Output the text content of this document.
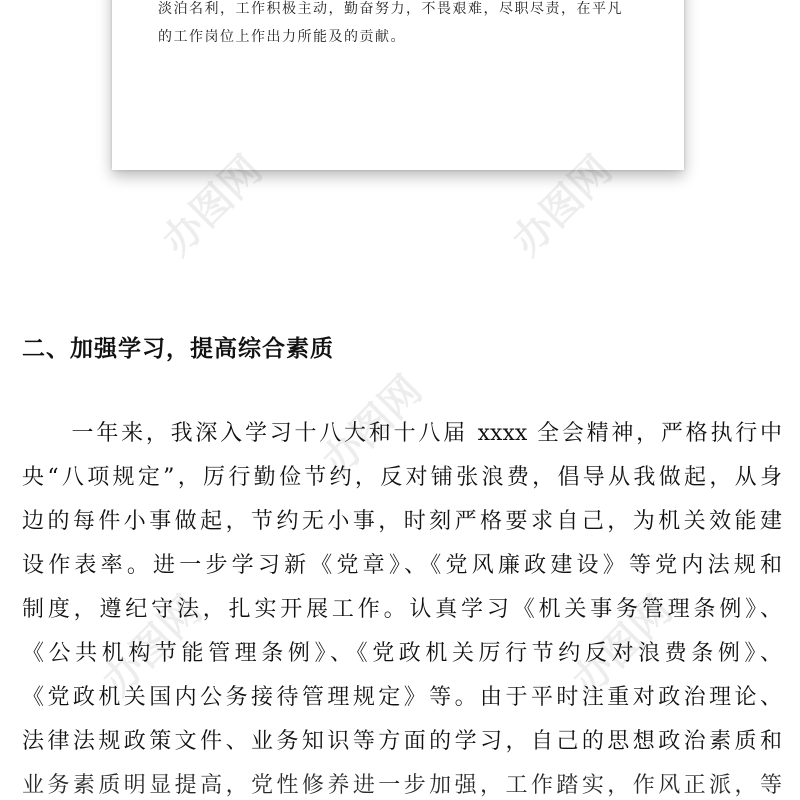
淡泊名利，工作积极主动，勤奋努力，不畏艰难，尽职尽责，在平凡

的工作岗位上作出力所能及的贡献。

办图网	办图网
办图网
办图网	办图网
二、加强学习，提高综合素质
　　一年来，我深入学习十八大和十八届 xxxx 全会精神，严格执行中
央“八项规定”，厉行勤俭节约，反对铺张浪费，倡导从我做起，从身
边的每件小事做起，节约无小事，时刻严格要求自己，为机关效能建
设作表率。进一步学习新《党章》、《党风廉政建设》等党内法规和
制度，遵纪守法，扎实开展工作。认真学习《机关事务管理条例》、
《公共机构节能管理条例》、《党政机关厉行节约反对浪费条例》、
《党政机关国内公务接待管理规定》等。由于平时注重对政治理论、
法律法规政策文件、业务知识等方面的学习，自己的思想政治素质和
业务素质明显提高，党性修养进一步加强，工作踏实，作风正派，等
